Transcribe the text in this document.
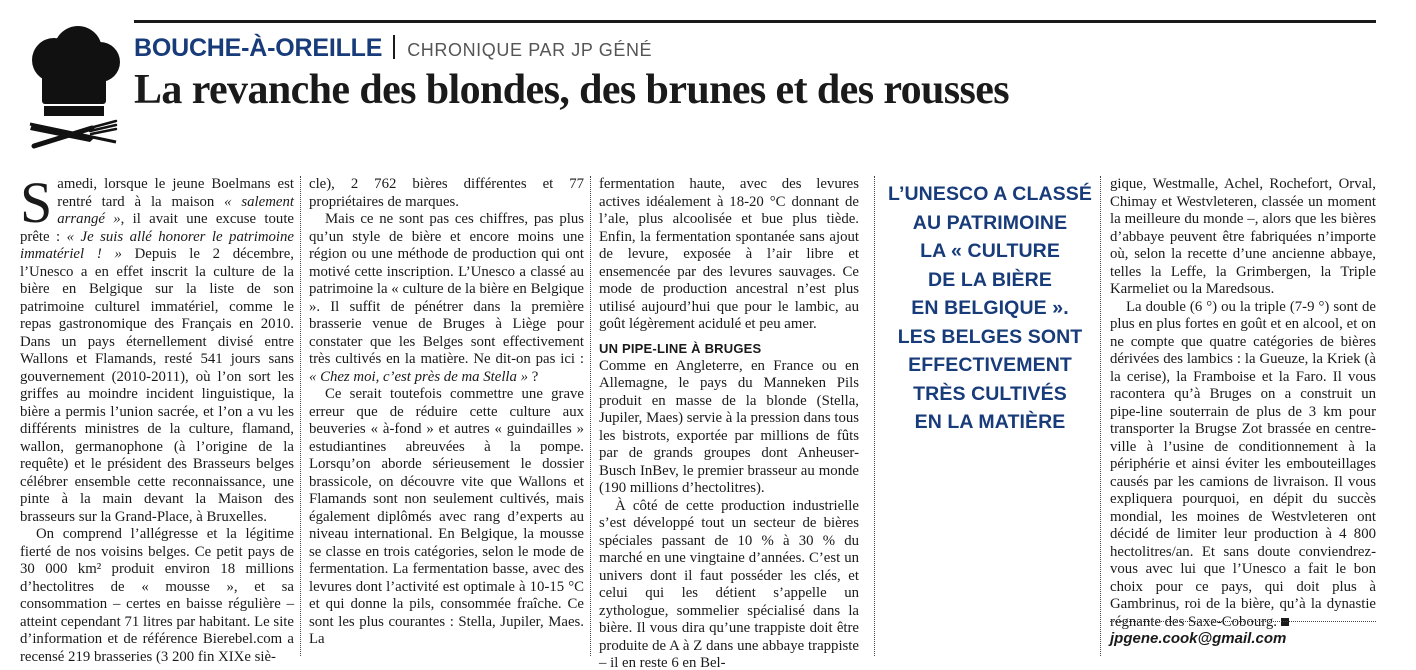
BOUCHE-À-OREILLE CHRONIQUE PAR JP GÉNÉ
La revanche des blondes, des brunes et des rousses

Samedi, lorsque le jeune Boelmans est rentré tard à la maison « salement arrangé », il avait une excuse toute prête : « Je suis allé honorer le patrimoine immatériel ! » Depuis le 2 décembre, l’Unesco a en effet inscrit la culture de la bière en Belgique sur la liste de son patrimoine culturel immatériel, comme le repas gastronomique des Français en 2010. Dans un pays éternellement divisé entre Wallons et Flamands, resté 541 jours sans gouvernement (2010-2011), où l’on sort les griffes au moindre incident linguistique, la bière a permis l’union sacrée, et l’on a vu les différents ministres de la culture, flamand, wallon, germanophone (à l’origine de la requête) et le président des Brasseurs belges célébrer ensemble cette reconnaissance, une pinte à la main devant la Maison des brasseurs sur la Grand-Place, à Bruxelles.

On comprend l’allégresse et la légitime fierté de nos voisins belges. Ce petit pays de 30 000 km² produit environ 18 millions d’hectolitres de « mousse », et sa consommation – certes en baisse régulière – atteint cependant 71 litres par habitant. Le site d’information et de référence Bierebel.com a recensé 219 brasseries (3 200 fin XIXe siè-

cle), 2 762 bières différentes et 77 propriétaires de marques.

Mais ce ne sont pas ces chiffres, pas plus qu’un style de bière et encore moins une région ou une méthode de production qui ont motivé cette inscription. L’Unesco a classé au patrimoine la « culture de la bière en Belgique ». Il suffit de pénétrer dans la première brasserie venue de Bruges à Liège pour constater que les Belges sont effectivement très cultivés en la matière. Ne dit-on pas ici : « Chez moi, c’est près de ma Stella » ?

Ce serait toutefois commettre une grave erreur que de réduire cette culture aux beuveries « à-fond » et autres « guindailles » estudiantines abreuvées à la pompe. Lorsqu’on aborde sérieusement le dossier brassicole, on découvre vite que Wallons et Flamands sont non seulement cultivés, mais également diplômés avec rang d’experts au niveau international. En Belgique, la mousse se classe en trois catégories, selon le mode de fermentation. La fermentation basse, avec des levures dont l’activité est optimale à 10-15 °C et qui donne la pils, consommée fraîche. Ce sont les plus courantes : Stella, Jupiler, Maes. La

fermentation haute, avec des levures actives idéalement à 18-20 °C donnant de l’ale, plus alcoolisée et bue plus tiède. Enfin, la fermentation spontanée sans ajout de levure, exposée à l’air libre et ensemencée par des levures sauvages. Ce mode de production ancestral n’est plus utilisé aujourd’hui que pour le lambic, au goût légèrement acidulé et peu amer.

UN PIPE-LINE À BRUGES

Comme en Angleterre, en France ou en Allemagne, le pays du Manneken Pils produit en masse de la blonde (Stella, Jupiler, Maes) servie à la pression dans tous les bistrots, exportée par millions de fûts par de grands groupes dont Anheuser-Busch InBev, le premier brasseur au monde (190 millions d’hectolitres).

À côté de cette production industrielle s’est développé tout un secteur de bières spéciales passant de 10 % à 30 % du marché en une vingtaine d’années. C’est un univers dont il faut posséder les clés, et celui qui les détient s’appelle un zythologue, sommelier spécialisé dans la bière. Il vous dira qu’une trappiste doit être produite de A à Z dans une abbaye trappiste – il en reste 6 en Bel-

L’UNESCO A CLASSÉ
AU PATRIMOINE
LA « CULTURE
DE LA BIÈRE
EN BELGIQUE ».
LES BELGES SONT
EFFECTIVEMENT
TRÈS CULTIVÉS
EN LA MATIÈRE

gique, Westmalle, Achel, Rochefort, Orval, Chimay et Westvleteren, classée un moment la meilleure du monde –, alors que les bières d’abbaye peuvent être fabriquées n’importe où, selon la recette d’une ancienne abbaye, telles la Leffe, la Grimbergen, la Triple Karmeliet ou la Maredsous.

La double (6 °) ou la triple (7-9 °) sont de plus en plus fortes en goût et en alcool, et on ne compte que quatre catégories de bières dérivées des lambics : la Gueuze, la Kriek (à la cerise), la Framboise et la Faro. Il vous racontera qu’à Bruges on a construit un pipe-line souterrain de plus de 3 km pour transporter la Brugse Zot brassée en centre-ville à l’usine de conditionnement à la périphérie et ainsi éviter les embouteillages causés par les camions de livraison. Il vous expliquera pourquoi, en dépit du succès mondial, les moines de Westvleteren ont décidé de limiter leur production à 4 800 hectolitres/an. Et sans doute conviendrez-vous avec lui que l’Unesco a fait le bon choix pour ce pays, qui doit plus à Gambrinus, roi de la bière, qu’à la dynastie régnante des Saxe-Cobourg.

jpgene.cook@gmail.com
